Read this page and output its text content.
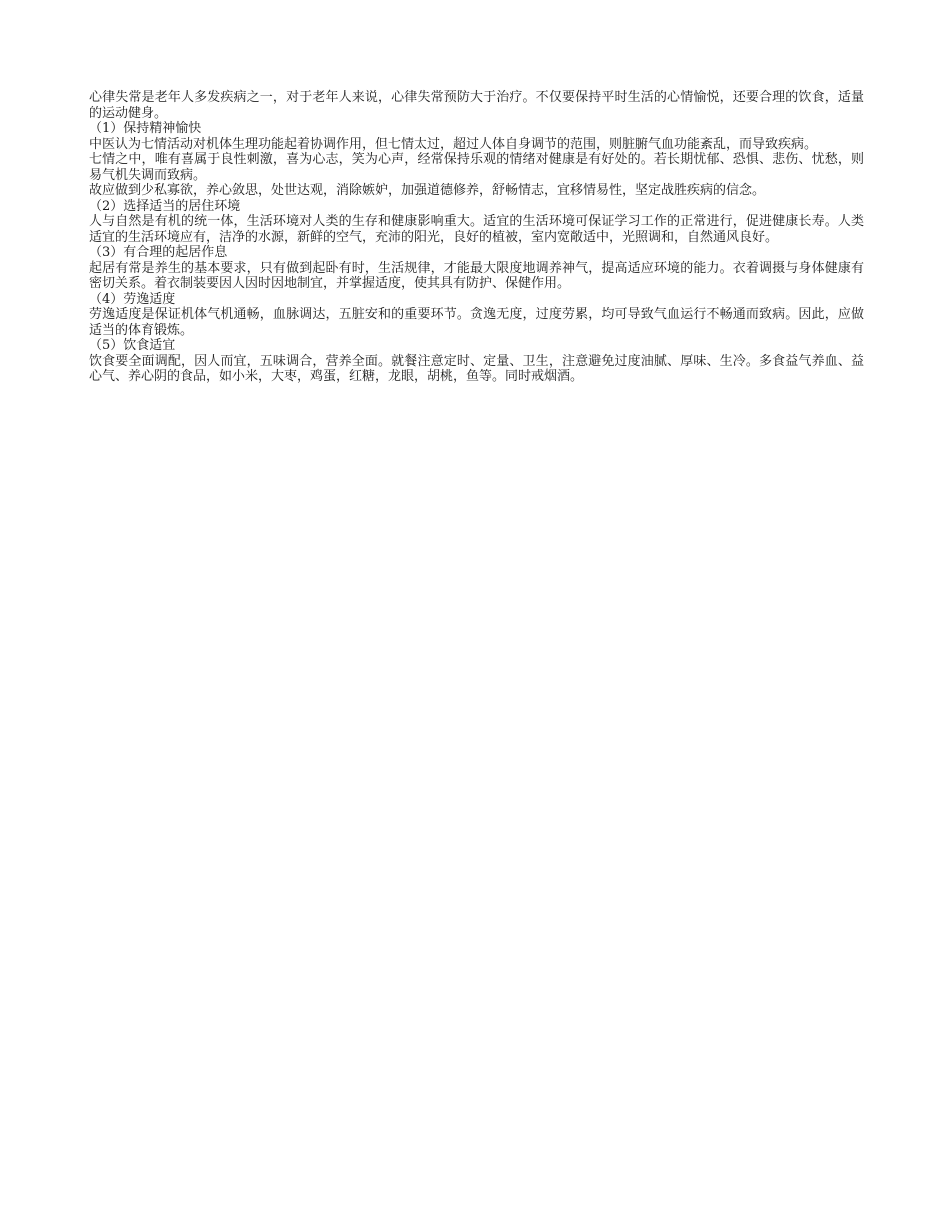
心律失常是老年人多发疾病之一，对于老年人来说，心律失常预防大于治疗。不仅要保持平时生活的心情愉悦，还要合理的饮食，适量的运动健身。

（1）保持精神愉快

中医认为七情活动对机体生理功能起着协调作用，但七情太过，超过人体自身调节的范围，则脏腑气血功能紊乱，而导致疾病。

七情之中，唯有喜属于良性刺激，喜为心志，笑为心声，经常保持乐观的情绪对健康是有好处的。若长期忧郁、恐惧、悲伤、忧愁，则易气机失调而致病。

故应做到少私寡欲，养心敛思，处世达观，消除嫉妒，加强道德修养，舒畅情志，宜移情易性，坚定战胜疾病的信念。

（2）选择适当的居住环境

人与自然是有机的统一体，生活环境对人类的生存和健康影响重大。适宜的生活环境可保证学习工作的正常进行，促进健康长寿。人类适宜的生活环境应有，洁净的水源，新鲜的空气，充沛的阳光，良好的植被，室内宽敞适中，光照调和，自然通风良好。

（3）有合理的起居作息

起居有常是养生的基本要求，只有做到起卧有时，生活规律，才能最大限度地调养神气，提高适应环境的能力。衣着调摄与身体健康有密切关系。着衣制装要因人因时因地制宜，并掌握适度，使其具有防护、保健作用。

（4）劳逸适度

劳逸适度是保证机体气机通畅，血脉调达，五脏安和的重要环节。贪逸无度，过度劳累，均可导致气血运行不畅通而致病。因此，应做适当的体育锻炼。

（5）饮食适宜

饮食要全面调配，因人而宜，五味调合，营养全面。就餐注意定时、定量、卫生，注意避免过度油腻、厚味、生冷。多食益气养血、益心气、养心阴的食品，如小米，大枣，鸡蛋，红糖，龙眼，胡桃，鱼等。同时戒烟酒。
